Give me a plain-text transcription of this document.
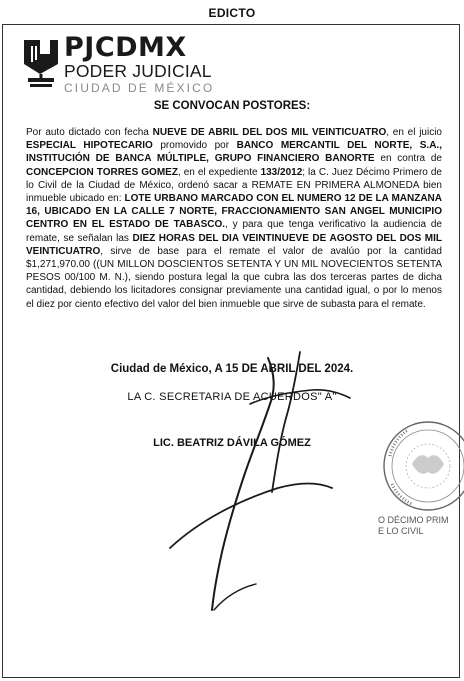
EDICTO
PJCDMX
PODER JUDICIAL
CIUDAD DE MÉXICO
SE CONVOCAN POSTORES:
Por auto dictado con fecha NUEVE DE ABRIL DEL DOS MIL VEINTICUATRO, en el juicio ESPECIAL HIPOTECARIO promovido por BANCO MERCANTIL DEL NORTE, S.A., INSTITUCIÓN DE BANCA MÚLTIPLE, GRUPO FINANCIERO BANORTE en contra de CONCEPCION TORRES GOMEZ, en el expediente 133/2012; la C. Juez Décimo Primero de lo Civil de la Ciudad de México, ordenó sacar a REMATE EN PRIMERA ALMONEDA bien inmueble ubicado en: LOTE URBANO MARCADO CON EL NUMERO 12 DE LA MANZANA 16, UBICADO EN LA CALLE 7 NORTE, FRACCIONAMIENTO SAN ANGEL MUNICIPIO CENTRO EN EL ESTADO DE TABASCO., y para que tenga verificativo la audiencia de remate, se señalan las DIEZ HORAS DEL DIA VEINTINUEVE DE AGOSTO DEL DOS MIL VEINTICUATRO, sirve de base para el remate el valor de avalúo por la cantidad $1,271,970.00 ((UN MILLON DOSCIENTOS SETENTA Y UN MIL NOVECIENTOS SETENTA PESOS 00/100 M. N.), siendo postura legal la que cubra las dos terceras partes de dicha cantidad, debiendo los licitadores consignar previamente una cantidad igual, o por lo menos el diez por ciento efectivo del valor del bien inmueble que sirve de subasta para el remate.
Ciudad de México, A 15 DE ABRIL DEL 2024.
LA C. SECRETARIA DE ACUERDOS" A"
LIC. BEATRIZ DÁVILA GÓMEZ
O DÉCIMO PRIM
E LO CIVIL
